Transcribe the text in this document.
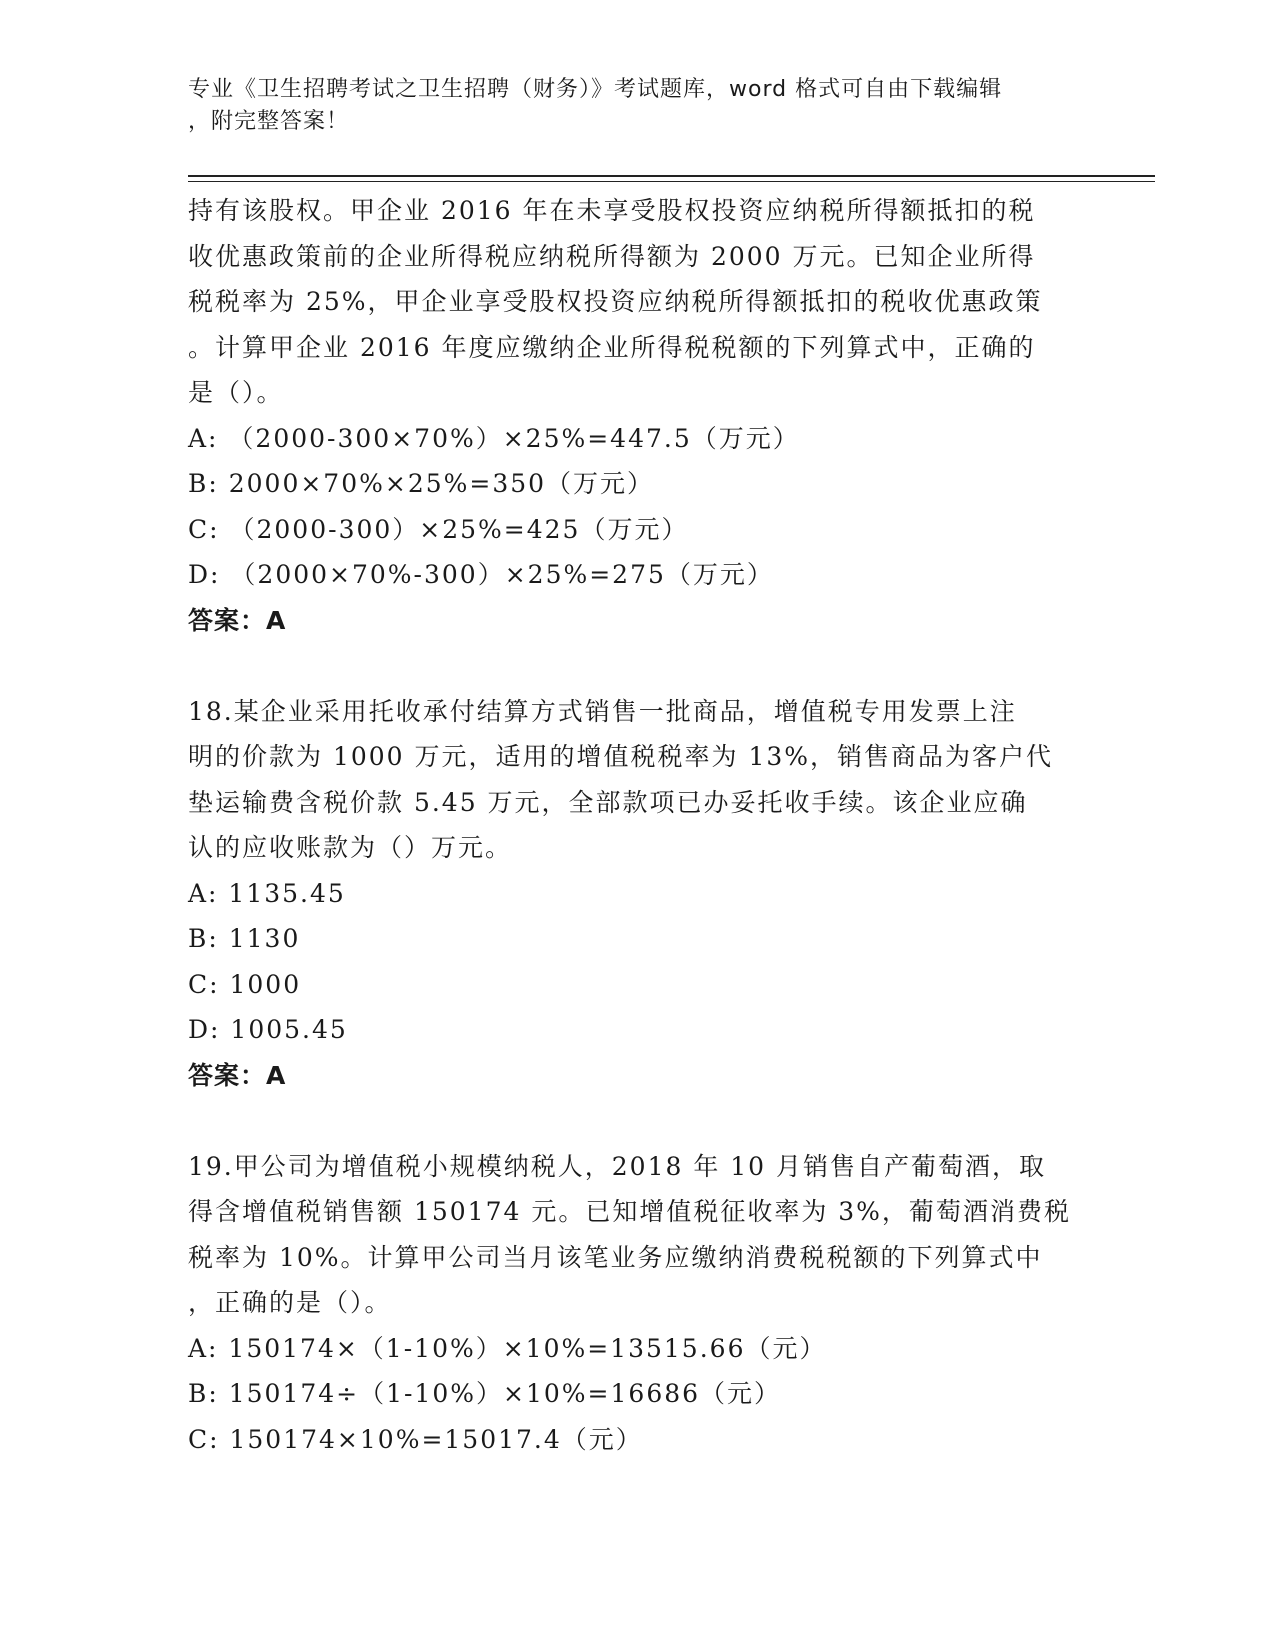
专业《卫生招聘考试之卫生招聘（财务）》考试题库，word 格式可自由下载编辑
，附完整答案！

持有该股权。甲企业 2016 年在未享受股权投资应纳税所得额抵扣的税

收优惠政策前的企业所得税应纳税所得额为 2000 万元。已知企业所得

税税率为 25%，甲企业享受股权投资应纳税所得额抵扣的税收优惠政策

。计算甲企业 2016 年度应缴纳企业所得税税额的下列算式中，正确的

是（）。

A: （2000-300×70%）×25%=447.5（万元）

B: 2000×70%×25%=350（万元）

C: （2000-300）×25%=425（万元）

D: （2000×70%-300）×25%=275（万元）

答案：A

18.某企业采用托收承付结算方式销售一批商品，增值税专用发票上注

明的价款为 1000 万元，适用的增值税税率为 13%，销售商品为客户代

垫运输费含税价款 5.45 万元，全部款项已办妥托收手续。该企业应确

认的应收账款为（）万元。

A: 1135.45

B: 1130

C: 1000

D: 1005.45

答案：A

19.甲公司为增值税小规模纳税人，2018 年 10 月销售自产葡萄酒，取

得含增值税销售额 150174 元。已知增值税征收率为 3%，葡萄酒消费税

税率为 10%。计算甲公司当月该笔业务应缴纳消费税税额的下列算式中

，正确的是（）。

A: 150174×（1-10%）×10%=13515.66（元）

B: 150174÷（1-10%）×10%=16686（元）

C: 150174×10%=15017.4（元）
